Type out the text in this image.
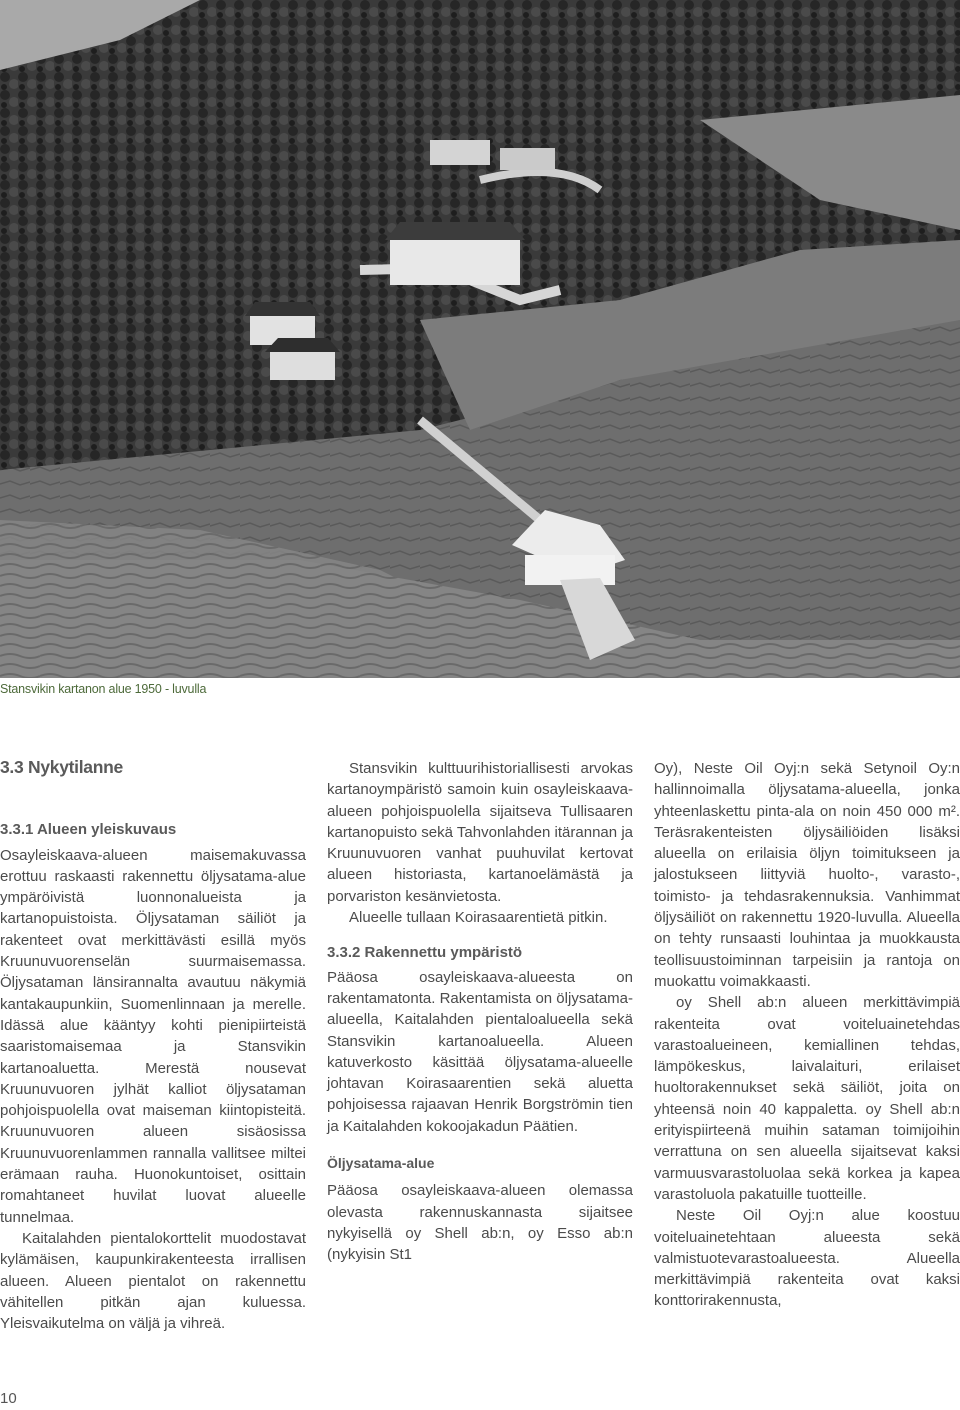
Stansvikin kartanon alue 1950 - luvulla
3.3 Nykytilanne
3.3.1 Alueen yleiskuvaus

Osayleiskaava-alueen maisemakuvassa erottuu raskaasti rakennettu öljysatama-alue ympäröivistä luonnonalueista ja kartanopuistoista. Öljysataman säiliöt ja rakenteet ovat merkittävästi esillä myös Kruunuvuorenselän suurmaisemassa. Öljysataman länsirannalta avautuu näkymiä kantakaupunkiin, Suomenlinnaan ja merelle. Idässä alue kääntyy kohti pienipiirteistä saaristomaisemaa ja Stansvikin kartanoaluetta. Merestä nousevat Kruunuvuoren jylhät kalliot öljysataman pohjoispuolella ovat maiseman kiintopisteitä. Kruunuvuoren alueen sisäosissa Kruunuvuorenlammen rannalla vallitsee miltei erämaan rauha. Huonokuntoiset, osittain romahtaneet huvilat luovat alueelle tunnelmaa.

Kaitalahden pientalokorttelit muodostavat kylämäisen, kaupunkirakenteesta irrallisen alueen. Alueen pientalot on rakennettu vähitellen pitkän ajan kuluessa. Yleisvaikutelma on väljä ja vihreä.

Stansvikin kulttuurihistoriallisesti arvokas kartanoympäristö samoin kuin osayleiskaava-alueen pohjoispuolella sijaitseva Tullisaaren kartanopuisto sekä Tahvonlahden itärannan ja Kruunuvuoren vanhat puuhuvilat kertovat alueen historiasta, kartanoelämästä ja porvariston kesänvietosta.

Alueelle tullaan Koirasaarentietä pitkin.

3.3.2 Rakennettu ympäristö

Pääosa osayleiskaava-alueesta on rakentamatonta. Rakentamista on öljysatama-alueella, Kaitalahden pientaloalueella sekä Stansvikin kartanoalueella. Alueen katuverkosto käsittää öljysatama-alueelle johtavan Koirasaarentien sekä aluetta pohjoisessa rajaavan Henrik Borgströmin tien ja Kaitalahden kokoojakadun Päätien.

Öljysatama-alue

Pääosa osayleiskaava-alueen olemassa olevasta rakennuskannasta sijaitsee nykyisellä oy Shell ab:n, oy Esso ab:n (nykyisin St1

Oy), Neste Oil Oyj:n sekä Setynoil Oy:n hallinnoimalla öljysatama-alueella, jonka yhteenlaskettu pinta-ala on noin 450 000 m². Teräsrakenteisten öljysäiliöiden lisäksi alueella on erilaisia öljyn toimitukseen ja jalostukseen liittyviä huolto-, varasto-, toimisto- ja tehdasrakennuksia. Vanhimmat öljysäiliöt on rakennettu 1920-luvulla. Alueella on tehty runsaasti louhintaa ja muokkausta teollisuustoiminnan tarpeisiin ja rantoja on muokattu voimakkaasti.

oy Shell ab:n alueen merkittävimpiä rakenteita ovat voiteluainetehdas varastoalueineen, kemiallinen tehdas, lämpökeskus, laivalaituri, erilaiset huoltorakennukset sekä säiliöt, joita on yhteensä noin 40 kappaletta. oy Shell ab:n erityispiirteenä muihin sataman toimijoihin verrattuna on sen alueella sijaitsevat kaksi varmuusvarastoluolaa sekä korkea ja kapea varastoluola pakatuille tuotteille.

Neste Oil Oyj:n alue koostuu voiteluainetehtaan alueesta sekä valmistuotevarastoalueesta. Alueella merkittävimpiä rakenteita ovat kaksi konttorirakennusta,

10
